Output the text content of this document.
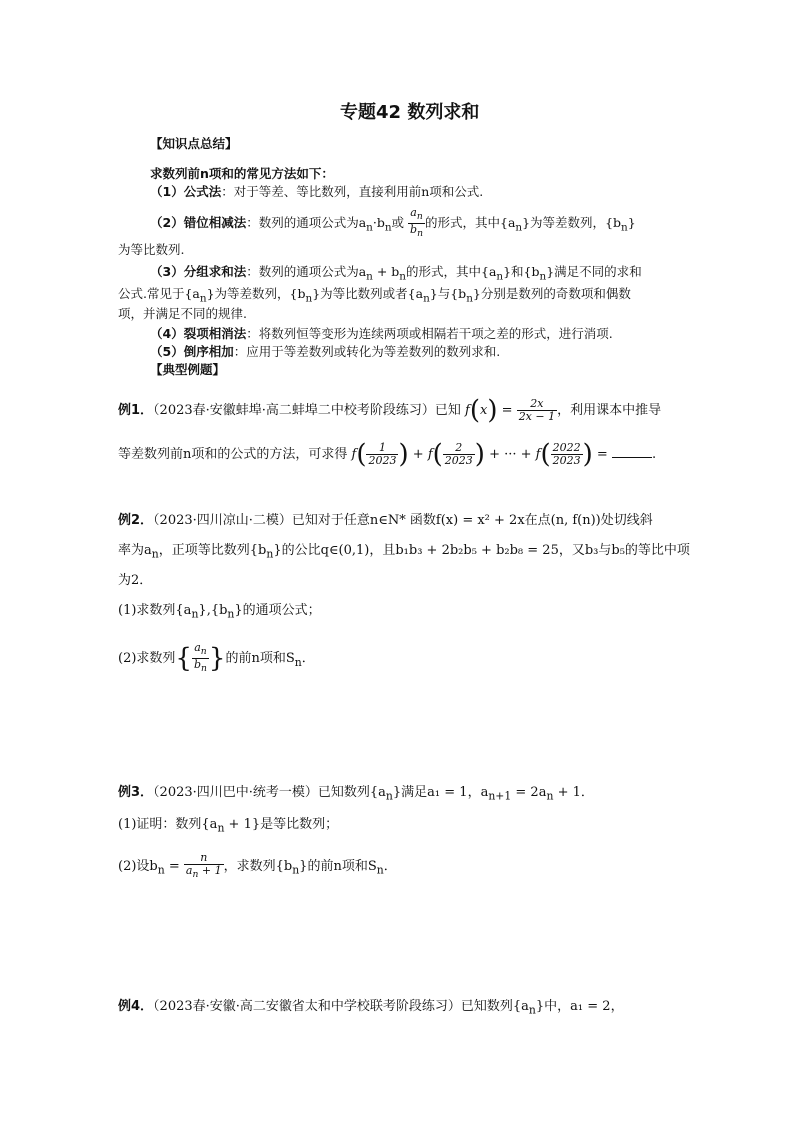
专题42 数列求和
【知识点总结】
求数列前n项和的常见方法如下：
（1）公式法：对于等差、等比数列，直接利用前n项和公式.
（2）错位相减法：数列的通项公式为$a_n\cdot b_n$或 $\frac{a_n}{b_n}$ 的形式，其中$\{a_n\}$为等差数列，$\{b_n\}$
为等比数列.
（3）分组求和法：数列的通项公式为$a_n + b_n$的形式，其中$\{a_n\}$和$\{b_n\}$满足不同的求和
公式.常见于$\{a_n\}$为等差数列，$\{b_n\}$为等比数列或者$\{a_n\}$与$\{b_n\}$分别是数列的奇数项和偶数
项，并满足不同的规律.
（4）裂项相消法：将数列恒等变形为连续两项或相隔若干项之差的形式，进行消项.
（5）倒序相加：应用于等差数列或转化为等差数列的数列求和.
【典型例题】
例1．（2023春·安徽蚌埠·高二蚌埠二中校考阶段练习）已知 $f(x) = \frac{2x}{2x - 1}$ ，利用课本中推导
等差数列前n项和的公式的方法，可求得 $f( \frac{1}{2023}$ ) + $f( \frac{2}{2023}$ ) + ··· + $f( \frac{2022}{2023}$ ) =	.
例2．（2023·四川凉山·二模）已知对于任意n∈N* 函数f(x) = x² + 2x在点(n, f(n))处切线斜
率为$a_n$，正项等比数列$\{b_n\}$的公比q∈(0,1)，且b₁b₃ + 2b₂b₅ + b₂b₈ = 25，又b₃与b₅的等比中项
为2．
(1)求数列$\{a_n\},\{b_n\}$的通项公式；
(2)求数列{ $\frac{a_n}{b_n}$ }的前n项和$S_n$．
例3．（2023·四川巴中·统考一模）已知数列$\{a_n\}$满足a₁ = 1，$a_{n+1} = 2a_n + 1$．
(1)证明：数列$\{a_n + 1\}$是等比数列；
(2)设$b_n = \frac{n}{a_n + 1}$ ，求数列$\{b_n\}$的前n项和$S_n$．
例4．（2023春·安徽·高二安徽省太和中学校联考阶段练习）已知数列$\{a_n\}$中，a₁ = 2，
